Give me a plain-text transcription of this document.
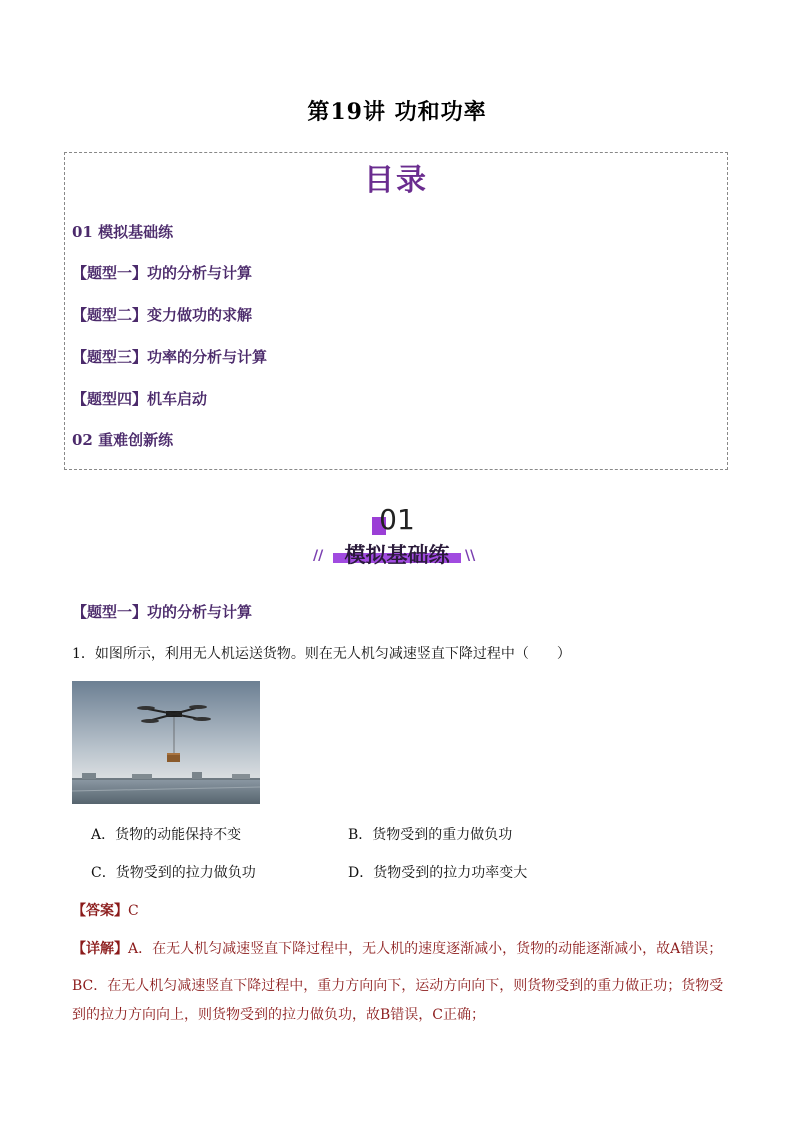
第19讲 功和功率
目录
01 模拟基础练
【题型一】功的分析与计算
【题型二】变力做功的求解
【题型三】功率的分析与计算
【题型四】机车启动
02 重难创新练
01
//	模拟基础练	\\
【题型一】功的分析与计算
1．如图所示，利用无人机运送货物。则在无人机匀减速竖直下降过程中（　　）
A．货物的动能保持不变	B．货物受到的重力做负功
C．货物受到的拉力做负功	D．货物受到的拉力功率变大
【答案】C
【详解】A．在无人机匀减速竖直下降过程中，无人机的速度逐渐减小，货物的动能逐渐减小，故A错误；
BC．在无人机匀减速竖直下降过程中，重力方向向下，运动方向向下，则货物受到的重力做正功；货物受
到的拉力方向向上，则货物受到的拉力做负功，故B错误，C正确；
